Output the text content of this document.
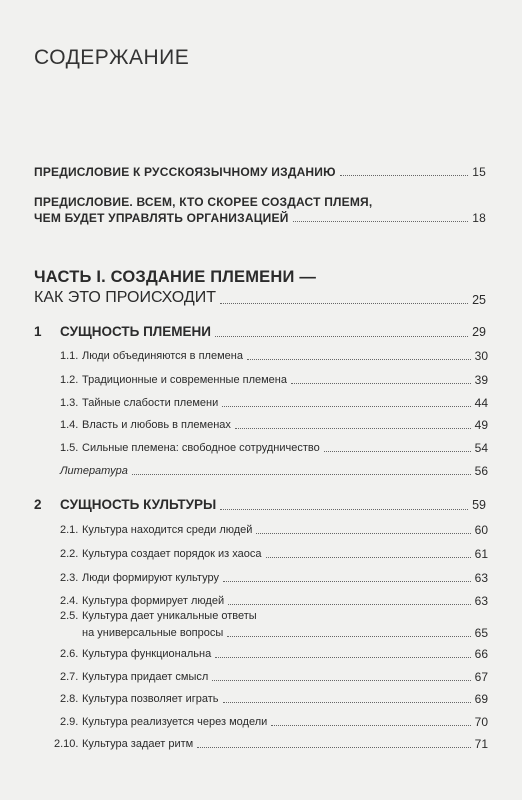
СОДЕРЖАНИЕ
ПРЕДИСЛОВИЕ К РУССКОЯЗЫЧНОМУ ИЗДАНИЮ	15
ПРЕДИСЛОВИЕ. ВСЕМ, КТО СКОРЕЕ СОЗДАСТ ПЛЕМЯ,
ЧЕМ БУДЕТ УПРАВЛЯТЬ ОРГАНИЗАЦИЕЙ	18
ЧАСТЬ I. СОЗДАНИЕ ПЛЕМЕНИ —
КАК ЭТО ПРОИСХОДИТ	25
1	СУЩНОСТЬ ПЛЕМЕНИ	29
1.1. Люди объединяются в племена	30
1.2. Традиционные и современные племена	39
1.3. Тайные слабости племени	44
1.4. Власть и любовь в племенах	49
1.5. Сильные племена: свободное сотрудничество	54
Литература	56
2	СУЩНОСТЬ КУЛЬТУРЫ	59
2.1. Культура находится среди людей	60
2.2. Культура создает порядок из хаоса	61
2.3. Люди формируют культуру	63
2.4. Культура формирует людей	63
2.5. Культура дает уникальные ответы
на универсальные вопросы	65
2.6. Культура функциональна	66
2.7. Культура придает смысл	67
2.8. Культура позволяет играть	69
2.9. Культура реализуется через модели	70
2.10. Культура задает ритм	71
